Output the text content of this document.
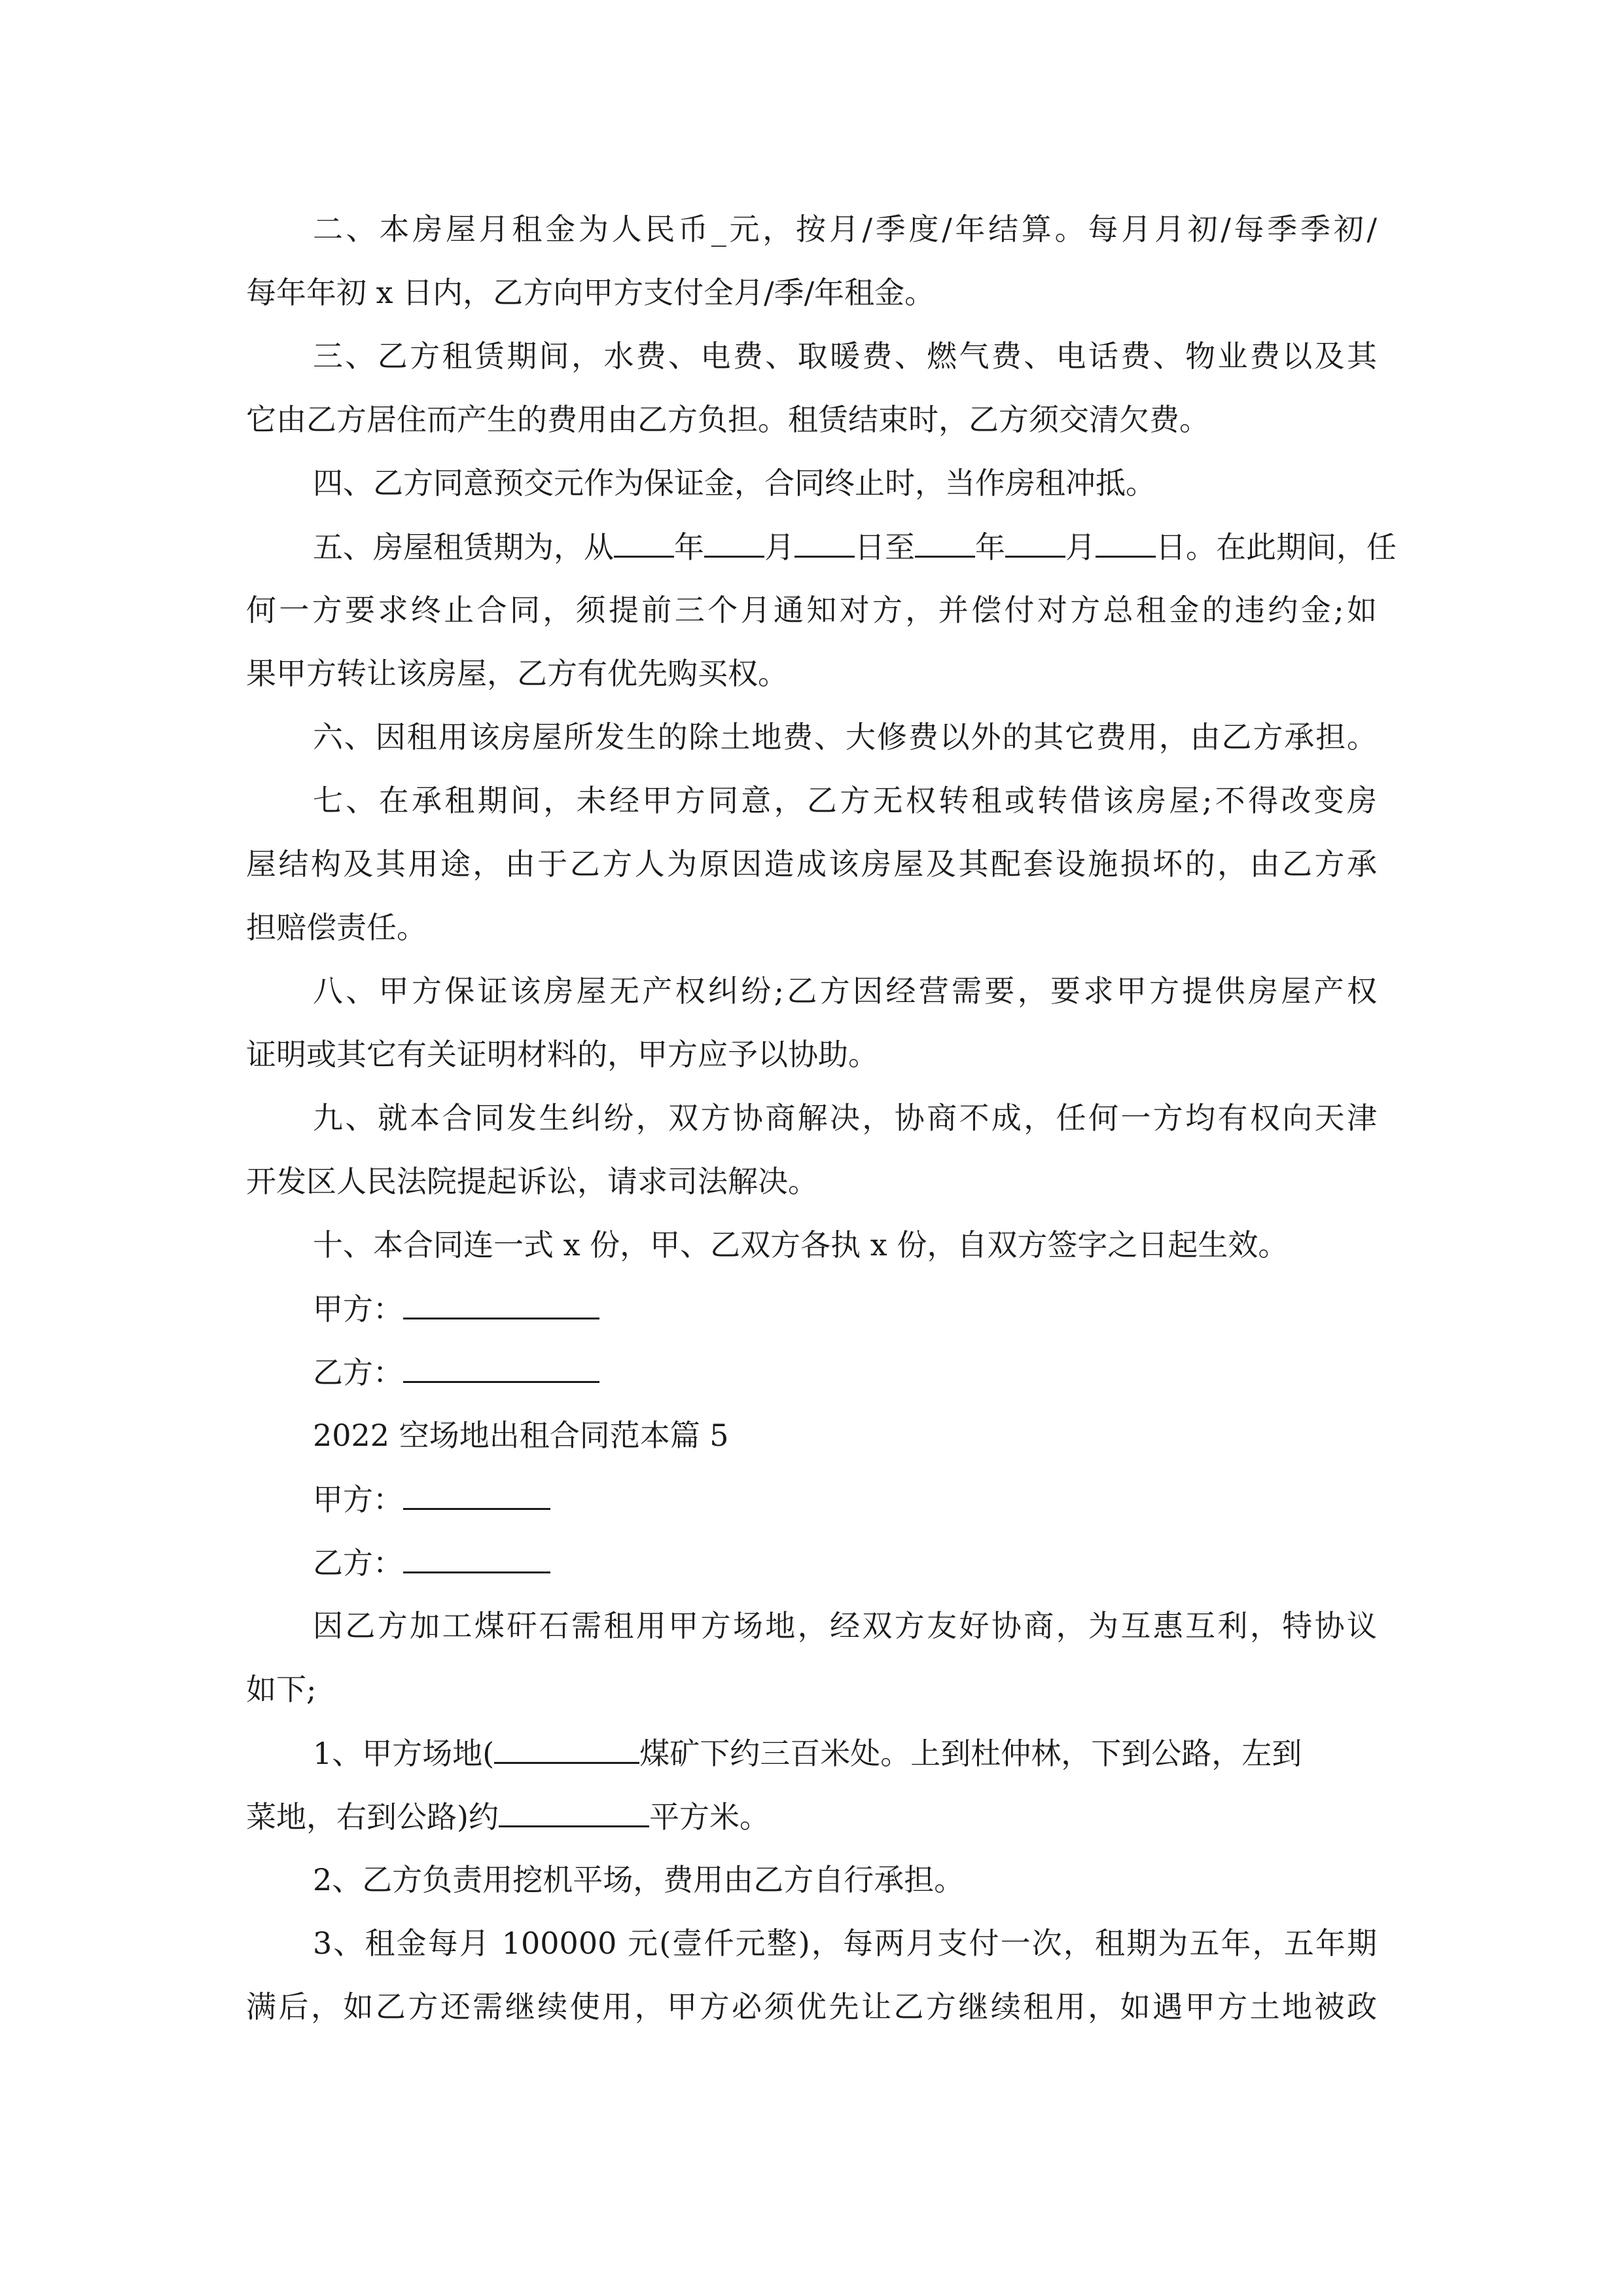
二、本房屋月租金为人民币_元，按月/季度/年结算。每月月初/每季季初/
每年年初 x 日内，乙方向甲方支付全月/季/年租金。
三、乙方租赁期间，水费、电费、取暖费、燃气费、电话费、物业费以及其
它由乙方居住而产生的费用由乙方负担。租赁结束时，乙方须交清欠费。
四、乙方同意预交元作为保证金，合同终止时，当作房租冲抵。
五、房屋租赁期为，从 年 月 日至 年 月 日。在此期间，任
何一方要求终止合同，须提前三个月通知对方，并偿付对方总租金的违约金;如
果甲方转让该房屋，乙方有优先购买权。
六、因租用该房屋所发生的除土地费、大修费以外的其它费用，由乙方承担。
七、在承租期间，未经甲方同意，乙方无权转租或转借该房屋;不得改变房
屋结构及其用途，由于乙方人为原因造成该房屋及其配套设施损坏的，由乙方承
担赔偿责任。
八、甲方保证该房屋无产权纠纷;乙方因经营需要，要求甲方提供房屋产权
证明或其它有关证明材料的，甲方应予以协助。
九、就本合同发生纠纷，双方协商解决，协商不成，任何一方均有权向天津
开发区人民法院提起诉讼，请求司法解决。
十、本合同连一式 x 份，甲、乙双方各执 x 份，自双方签字之日起生效。
甲方：
乙方：
2022 空场地出租合同范本篇 5
甲方：
乙方：
因乙方加工煤矸石需租用甲方场地，经双方友好协商，为互惠互利，特协议
如下;
1、甲方场地(	煤矿下约三百米处。上到杜仲林，下到公路，左到
菜地，右到公路)约	平方米。
2、乙方负责用挖机平场，费用由乙方自行承担。
3、租金每月 100000 元(壹仟元整)，每两月支付一次，租期为五年，五年期
满后，如乙方还需继续使用，甲方必须优先让乙方继续租用，如遇甲方土地被政
